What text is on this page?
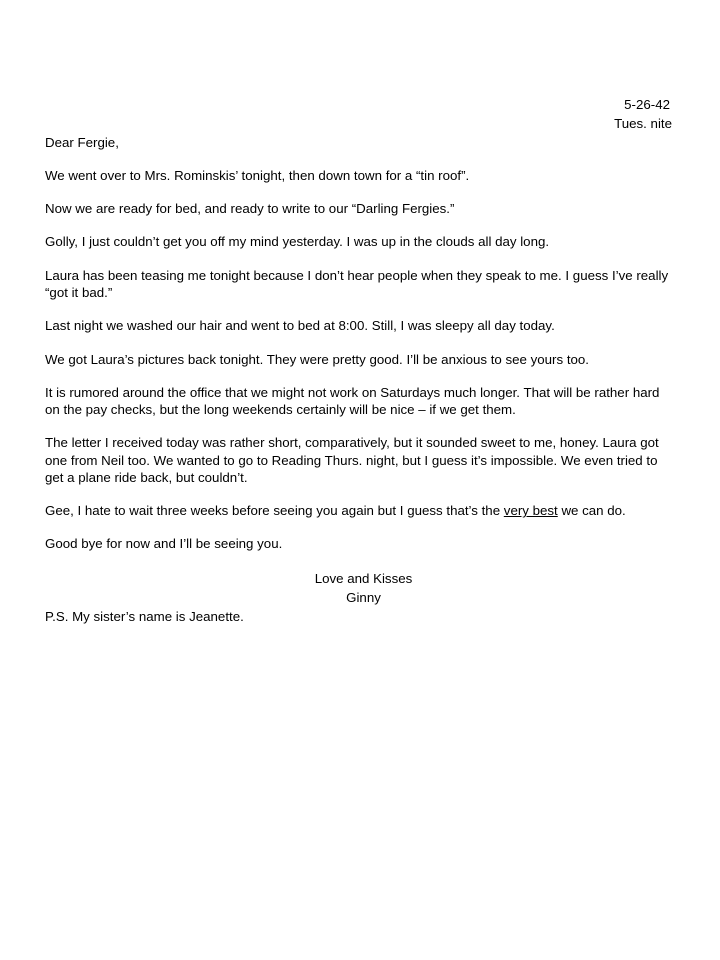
5-26-42
Tues. nite

Dear Fergie,

We went over to Mrs. Rominskis’ tonight, then down town for a “tin roof”.

Now we are ready for bed, and ready to write to our “Darling Fergies.”

Golly, I just couldn’t get you off my mind yesterday. I was up in the clouds all day long.

Laura has been teasing me tonight because I don’t hear people when they speak to me. I guess I’ve really “got it bad.”

Last night we washed our hair and went to bed at 8:00. Still, I was sleepy all day today.

We got Laura’s pictures back tonight. They were pretty good. I’ll be anxious to see yours too.

It is rumored around the office that we might not work on Saturdays much longer. That will be rather hard on the pay checks, but the long weekends certainly will be nice – if we get them.

The letter I received today was rather short, comparatively, but it sounded sweet to me, honey. Laura got one from Neil too. We wanted to go to Reading Thurs. night, but I guess it’s impossible. We even tried to get a plane ride back, but couldn’t.

Gee, I hate to wait three weeks before seeing you again but I guess that’s the very best we can do.

Good bye for now and I’ll be seeing you.

Love and Kisses
Ginny

P.S. My sister’s name is Jeanette.
